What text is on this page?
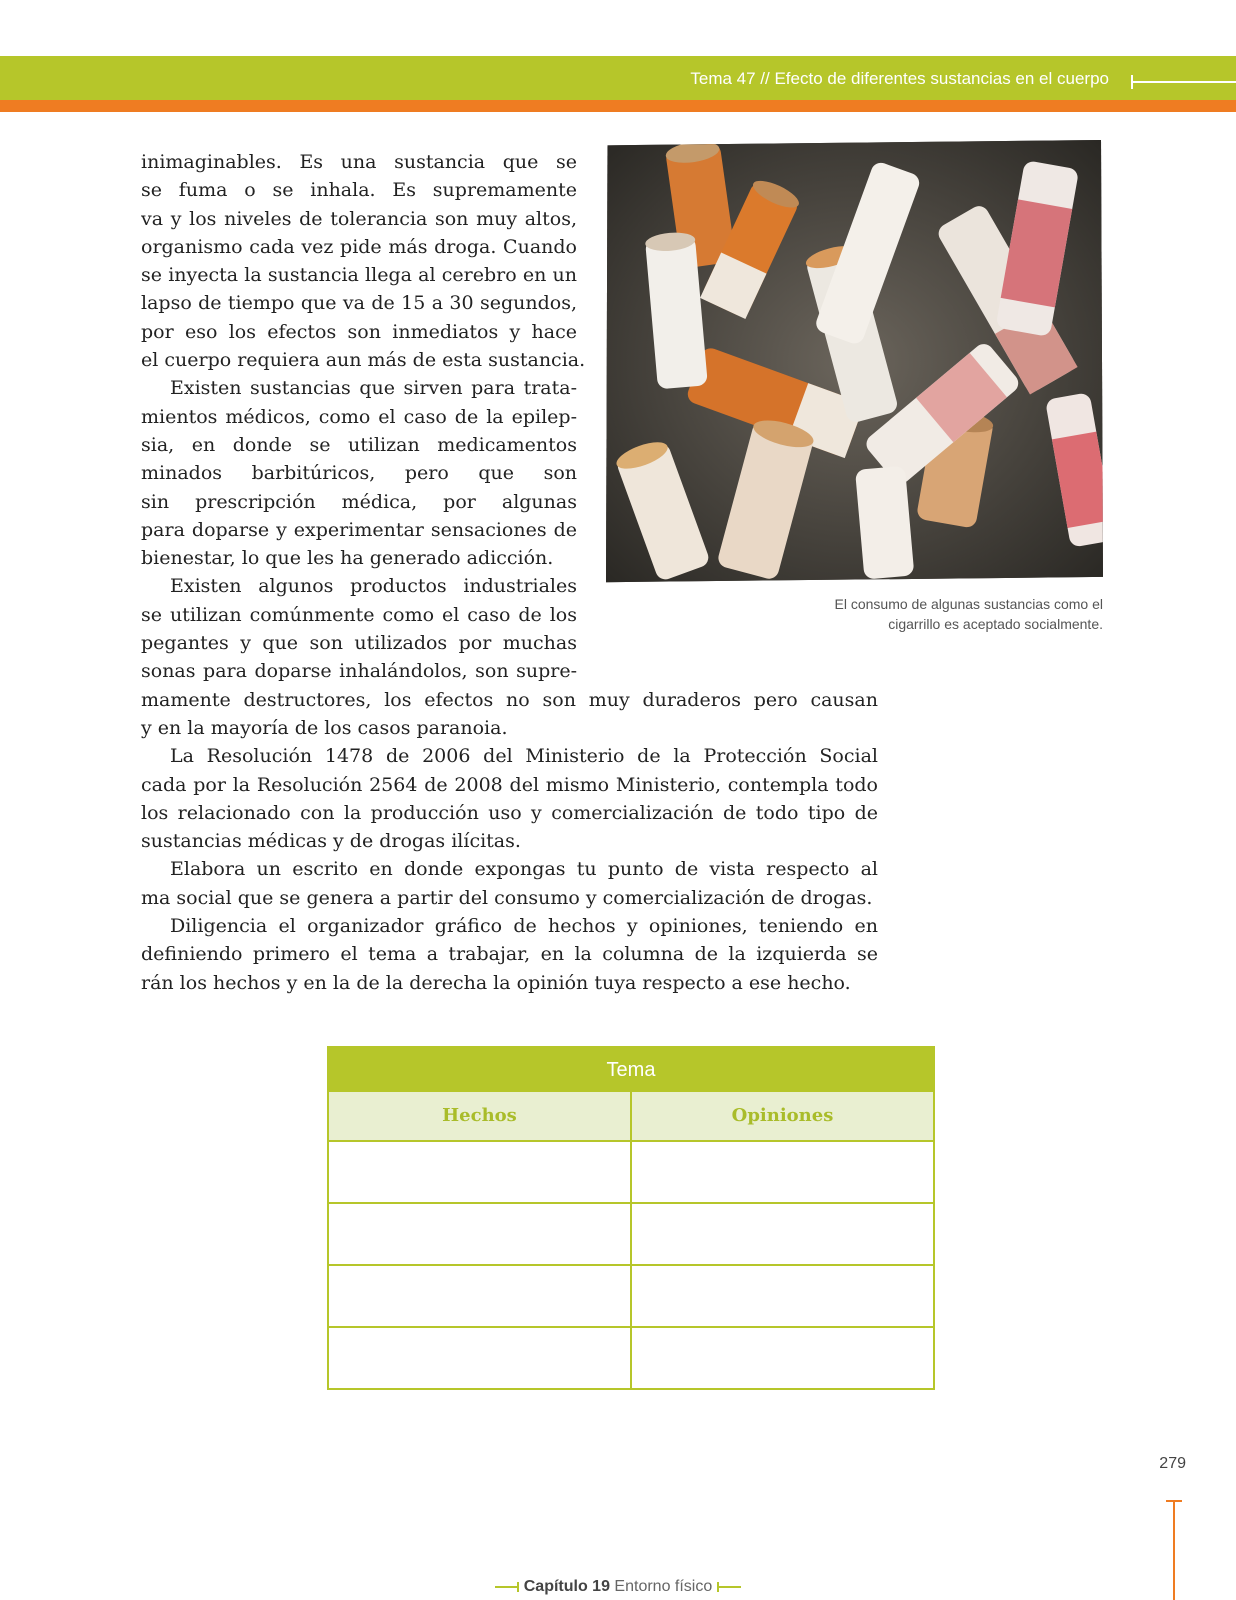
Tema 47 // Efecto de diferentes sustancias en el cuerpo
El consumo de algunas sustancias como el
cigarrillo es aceptado socialmente.
inimaginables. Es una sustancia que se
se fuma o se inhala. Es supremamente
va y los niveles de tolerancia son muy altos,
organismo cada vez pide más droga. Cuando
se inyecta la sustancia llega al cerebro en un
lapso de tiempo que va de 15 a 30 segundos,
por eso los efectos son inmediatos y hace
el cuerpo requiera aun más de esta sustancia.
Existen sustancias que sirven para trata-
mientos médicos, como el caso de la epilep-
sia, en donde se utilizan medicamentos
minados barbitúricos, pero que son
sin prescripción médica, por algunas
para doparse y experimentar sensaciones de
bienestar, lo que les ha generado adicción.
Existen algunos productos industriales
se utilizan comúnmente como el caso de los
pegantes y que son utilizados por muchas
sonas para doparse inhalándolos, son supre-
mamente destructores, los efectos no son muy duraderos pero causan
y en la mayoría de los casos paranoia.
La Resolución 1478 de 2006 del Ministerio de la Protección Social
cada por la Resolución 2564 de 2008 del mismo Ministerio, contempla todo
los relacionado con la producción uso y comercialización de todo tipo de
sustancias médicas y de drogas ilícitas.
Elabora un escrito en donde expongas tu punto de vista respecto al
ma social que se genera a partir del consumo y comercialización de drogas.
Diligencia el organizador gráfico de hechos y opiniones, teniendo en
definiendo primero el tema a trabajar, en la columna de la izquierda se
rán los hechos y en la de la derecha la opinión tuya respecto a ese hecho.
Tema
Hechos	Opiniones
279
Capítulo 19 Entorno físico
